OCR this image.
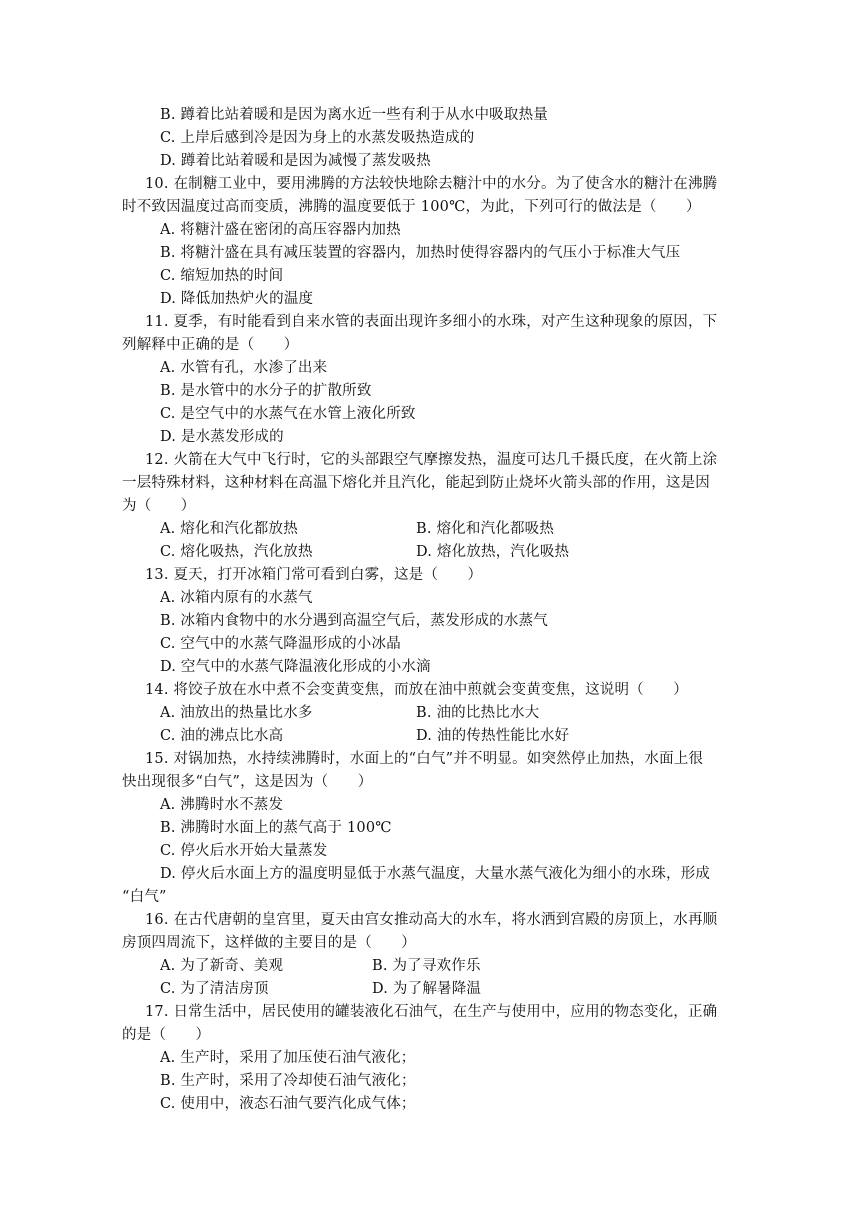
B. 蹲着比站着暖和是因为离水近一些有利于从水中吸取热量
C. 上岸后感到冷是因为身上的水蒸发吸热造成的
D. 蹲着比站着暖和是因为减慢了蒸发吸热
10. 在制糖工业中，要用沸腾的方法较快地除去糖汁中的水分。为了使含水的糖汁在沸腾
时不致因温度过高而变质，沸腾的温度要低于 100℃，为此，下列可行的做法是（　　）
A. 将糖汁盛在密闭的高压容器内加热
B. 将糖汁盛在具有减压装置的容器内，加热时使得容器内的气压小于标准大气压
C. 缩短加热的时间
D. 降低加热炉火的温度
11. 夏季，有时能看到自来水管的表面出现许多细小的水珠，对产生这种现象的原因，下
列解释中正确的是（　　）
A. 水管有孔，水渗了出来
B. 是水管中的水分子的扩散所致
C. 是空气中的水蒸气在水管上液化所致
D. 是水蒸发形成的
12. 火箭在大气中飞行时，它的头部跟空气摩擦发热，温度可达几千摄氏度，在火箭上涂
一层特殊材料，这种材料在高温下熔化并且汽化，能起到防止烧坏火箭头部的作用，这是因
为（　　）
A. 熔化和汽化都放热	B. 熔化和汽化都吸热
C. 熔化吸热，汽化放热	D. 熔化放热，汽化吸热
13. 夏天，打开冰箱门常可看到白雾，这是（　　）
A. 冰箱内原有的水蒸气
B. 冰箱内食物中的水分遇到高温空气后，蒸发形成的水蒸气
C. 空气中的水蒸气降温形成的小冰晶
D. 空气中的水蒸气降温液化形成的小水滴
14. 将饺子放在水中煮不会变黄变焦，而放在油中煎就会变黄变焦，这说明（　　）
A. 油放出的热量比水多	B. 油的比热比水大
C. 油的沸点比水高	D. 油的传热性能比水好
15. 对锅加热，水持续沸腾时，水面上的“白气”并不明显。如突然停止加热，水面上很
快出现很多“白气”，这是因为（　　）
A. 沸腾时水不蒸发
B. 沸腾时水面上的蒸气高于 100℃
C. 停火后水开始大量蒸发
D. 停火后水面上方的温度明显低于水蒸气温度，大量水蒸气液化为细小的水珠，形成
“白气”
16. 在古代唐朝的皇宫里，夏天由宫女推动高大的水车，将水洒到宫殿的房顶上，水再顺
房顶四周流下，这样做的主要目的是（　　）
A. 为了新奇、美观	B. 为了寻欢作乐
C. 为了清洁房顶	D. 为了解暑降温
17. 日常生活中，居民使用的罐装液化石油气，在生产与使用中，应用的物态变化，正确
的是（　　）
A. 生产时，采用了加压使石油气液化；
B. 生产时，采用了冷却使石油气液化；
C. 使用中，液态石油气要汽化成气体；
